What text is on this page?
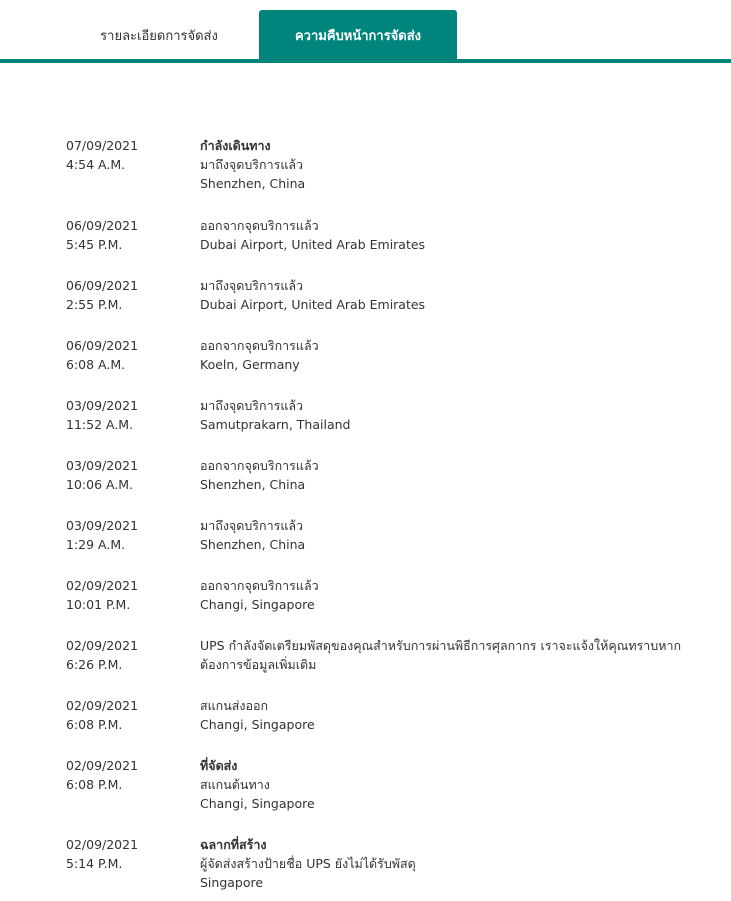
รายละเอียดการจัดส่ง	ความคืบหน้าการจัดส่ง
07/09/2021
4:54 A.M.
กำลังเดินทาง
มาถึงจุดบริการแล้ว
Shenzhen, China
06/09/2021
5:45 P.M.
ออกจากจุดบริการแล้ว
Dubai Airport, United Arab Emirates
06/09/2021
2:55 P.M.
มาถึงจุดบริการแล้ว
Dubai Airport, United Arab Emirates
06/09/2021
6:08 A.M.
ออกจากจุดบริการแล้ว
Koeln, Germany
03/09/2021
11:52 A.M.
มาถึงจุดบริการแล้ว
Samutprakarn, Thailand
03/09/2021
10:06 A.M.
ออกจากจุดบริการแล้ว
Shenzhen, China
03/09/2021
1:29 A.M.
มาถึงจุดบริการแล้ว
Shenzhen, China
02/09/2021
10:01 P.M.
ออกจากจุดบริการแล้ว
Changi, Singapore
02/09/2021
6:26 P.M.
UPS กำลังจัดเตรียมพัสดุของคุณสำหรับการผ่านพิธีการศุลกากร เราจะแจ้งให้คุณทราบหากต้องการข้อมูลเพิ่มเติม
02/09/2021
6:08 P.M.
สแกนส่งออก
Changi, Singapore
02/09/2021
6:08 P.M.
ที่จัดส่ง
สแกนต้นทาง
Changi, Singapore
02/09/2021
5:14 P.M.
ฉลากที่สร้าง
ผู้จัดส่งสร้างป้ายชื่อ UPS ยังไม่ได้รับพัสดุ
Singapore
